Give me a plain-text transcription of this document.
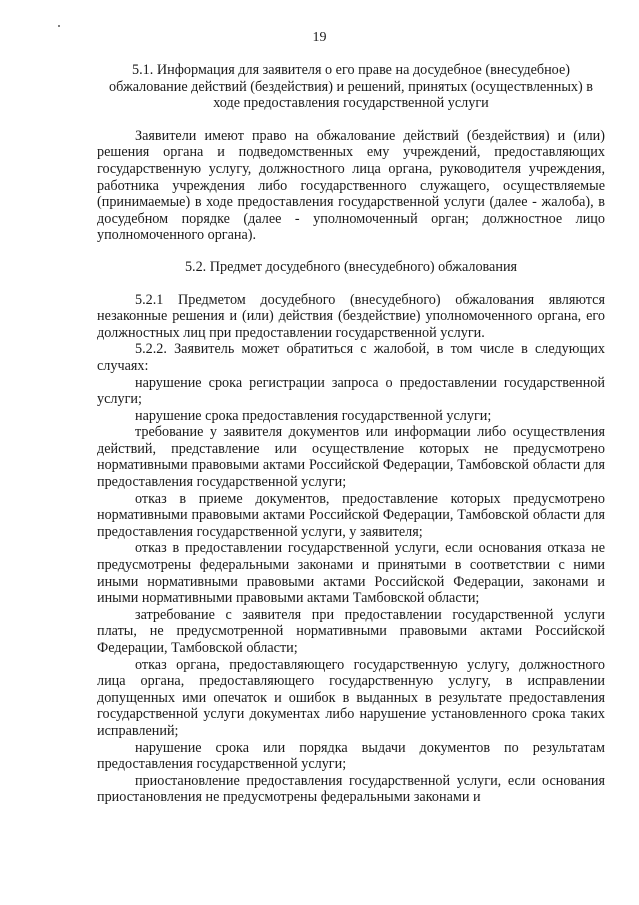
19

5.1. Информация для заявителя о его праве на досудебное (внесудебное) обжалование действий (бездействия) и решений, принятых (осуществленных) в ходе предоставления государственной услуги

Заявители имеют право на обжалование действий (бездействия) и (или) решения органа и подведомственных ему учреждений, предоставляющих государственную услугу, должностного лица органа, руководителя учреждения, работника учреждения либо государственного служащего, осуществляемые (принимаемые) в ходе предоставления государственной услуги (далее - жалоба), в досудебном порядке (далее - уполномоченный орган; должностное лицо уполномоченного органа).

5.2. Предмет досудебного (внесудебного) обжалования

5.2.1 Предметом досудебного (внесудебного) обжалования являются незаконные решения и (или) действия (бездействие) уполномоченного органа, его должностных лиц при предоставлении государственной услуги.

5.2.2. Заявитель может обратиться с жалобой, в том числе в следующих случаях:

нарушение срока регистрации запроса о предоставлении государственной услуги;

нарушение срока предоставления государственной услуги;

требование у заявителя документов или информации либо осуществления действий, представление или осуществление которых не предусмотрено нормативными правовыми актами Российской Федерации, Тамбовской области для предоставления государственной услуги;

отказ в приеме документов, предоставление которых предусмотрено нормативными правовыми актами Российской Федерации, Тамбовской области для предоставления государственной услуги, у заявителя;

отказ в предоставлении государственной услуги, если основания отказа не предусмотрены федеральными законами и принятыми в соответствии с ними иными нормативными правовыми актами Российской Федерации, законами и иными нормативными правовыми актами Тамбовской области;

затребование с заявителя при предоставлении государственной услуги платы, не предусмотренной нормативными правовыми актами Российской Федерации, Тамбовской области;

отказ органа, предоставляющего государственную услугу, должностного лица органа, предоставляющего государственную услугу, в исправлении допущенных ими опечаток и ошибок в выданных в результате предоставления государственной услуги документах либо нарушение установленного срока таких исправлений;

нарушение срока или порядка выдачи документов по результатам предоставления государственной услуги;

приостановление предоставления государственной услуги, если основания приостановления не предусмотрены федеральными законами и
